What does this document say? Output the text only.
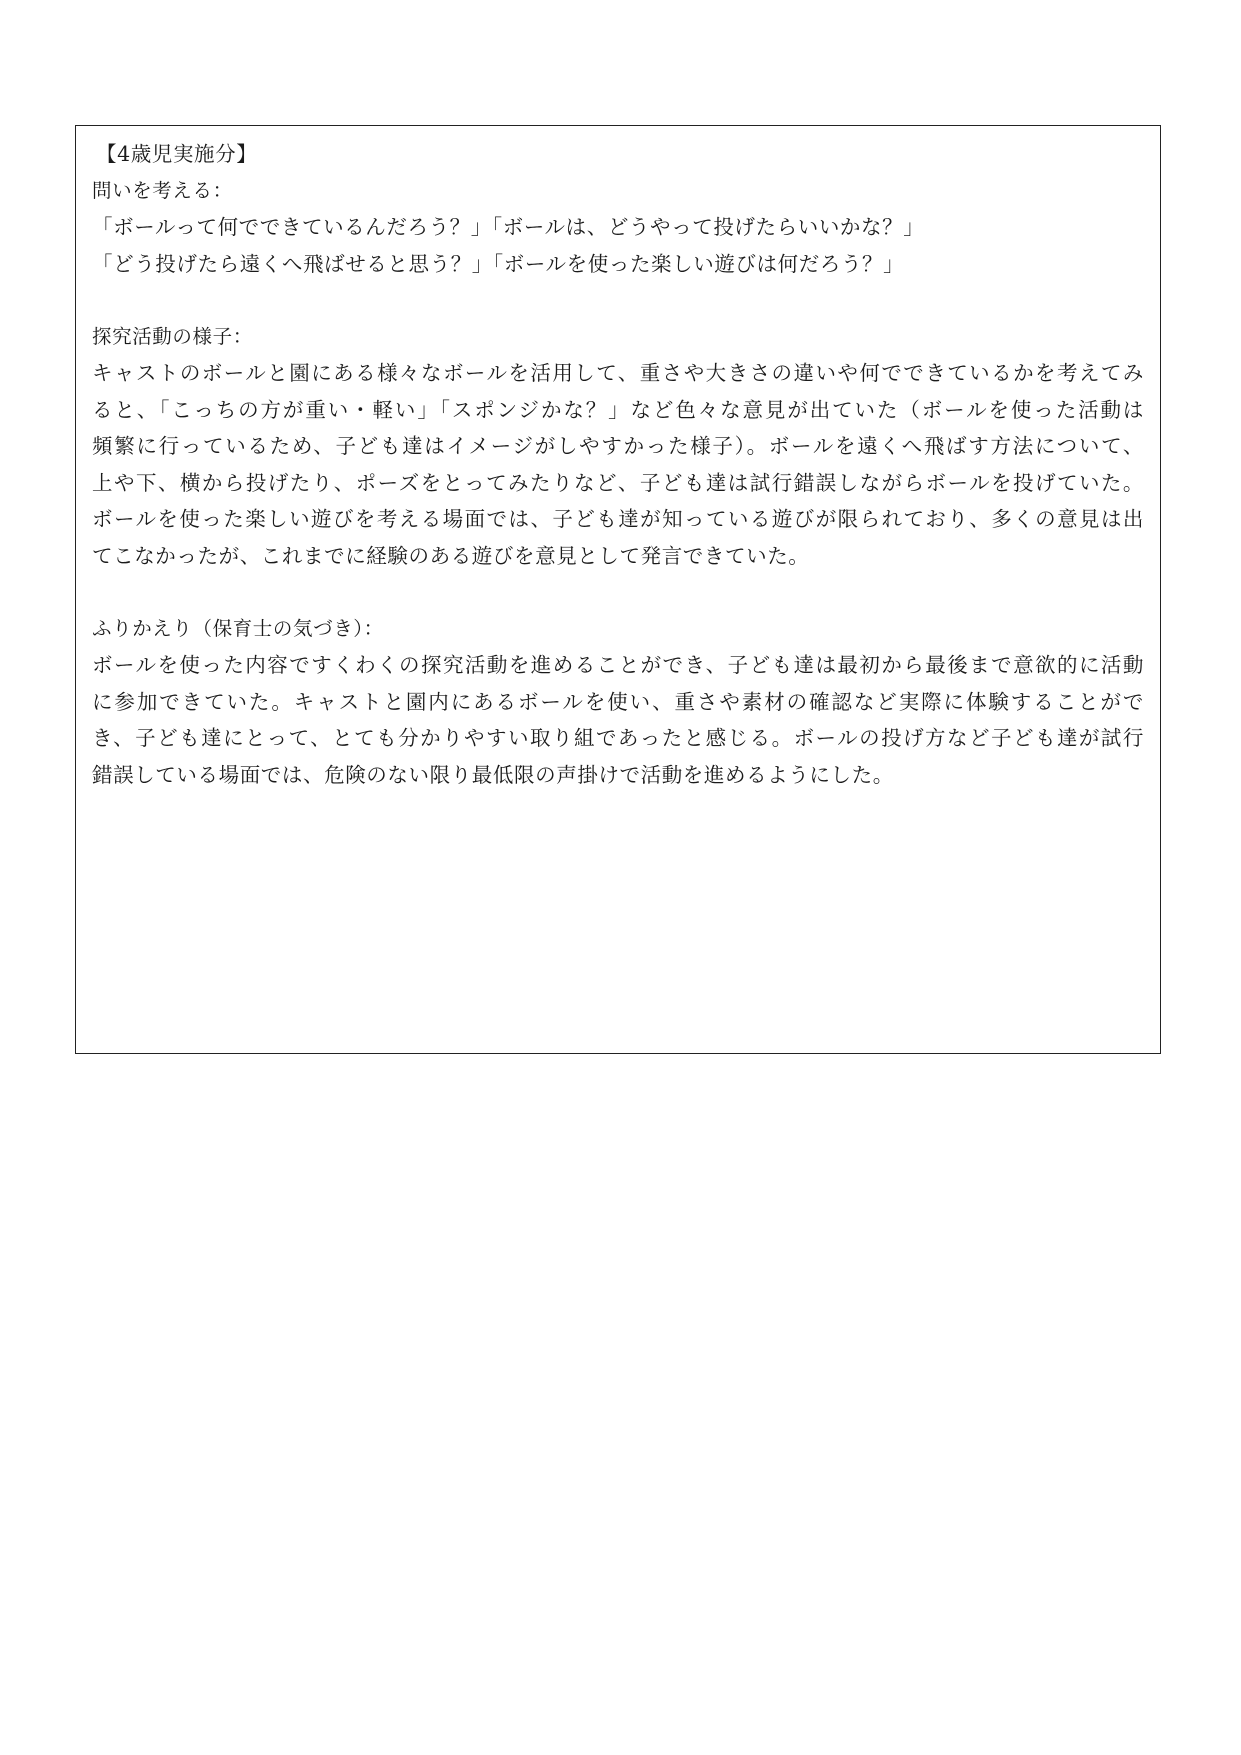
【4歳児実施分】
問いを考える：
「ボールって何でできているんだろう？」「ボールは、どうやって投げたらいいかな？」
「どう投げたら遠くへ飛ばせると思う？」「ボールを使った楽しい遊びは何だろう？」
探究活動の様子：
キャストのボールと園にある様々なボールを活用して、重さや大きさの違いや何でできているかを考えてみ
ると、「こっちの方が重い・軽い」「スポンジかな？」など色々な意見が出ていた（ボールを使った活動は
頻繁に行っているため、子ども達はイメージがしやすかった様子）。ボールを遠くへ飛ばす方法について、
上や下、横から投げたり、ポーズをとってみたりなど、子ども達は試行錯誤しながらボールを投げていた。
ボールを使った楽しい遊びを考える場面では、子ども達が知っている遊びが限られており、多くの意見は出
てこなかったが、これまでに経験のある遊びを意見として発言できていた。
ふりかえり（保育士の気づき）：
ボールを使った内容ですくわくの探究活動を進めることができ、子ども達は最初から最後まで意欲的に活動
に参加できていた。キャストと園内にあるボールを使い、重さや素材の確認など実際に体験することがで
き、子ども達にとって、とても分かりやすい取り組であったと感じる。ボールの投げ方など子ども達が試行
錯誤している場面では、危険のない限り最低限の声掛けで活動を進めるようにした。
